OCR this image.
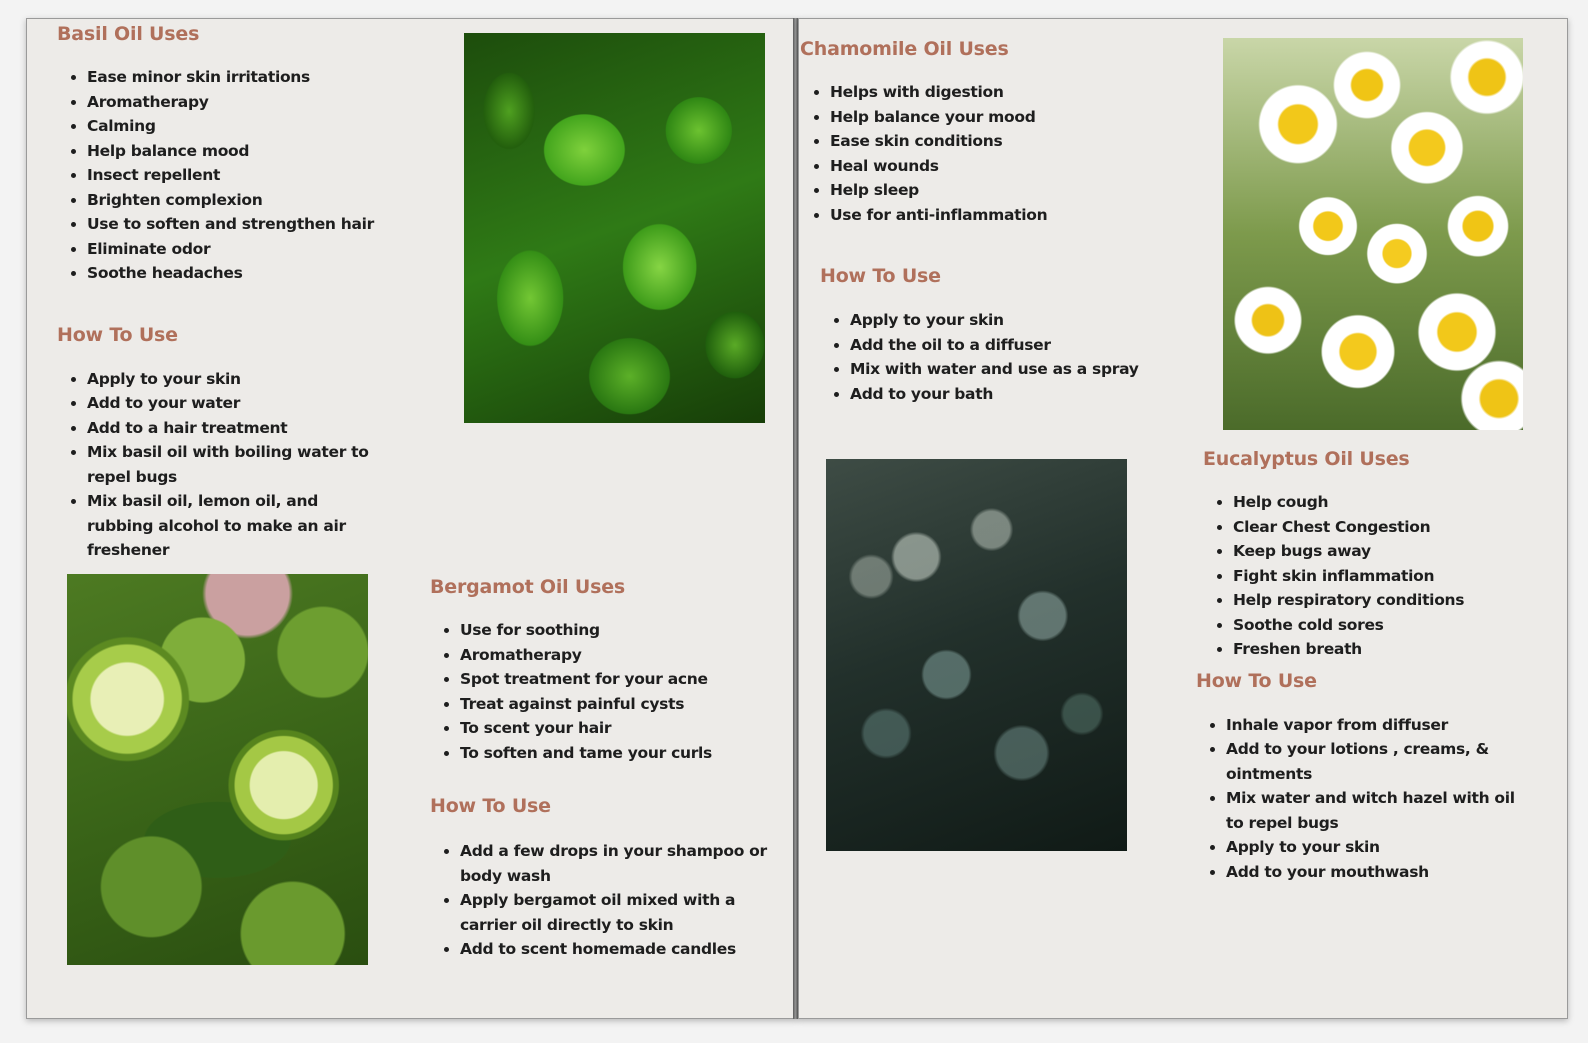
Basil Oil Uses
• Ease minor skin irritations
• Aromatherapy
• Calming
• Help balance mood
• Insect repellent
• Brighten complexion
• Use to soften and strengthen hair
• Eliminate odor
• Soothe headaches
How To Use
• Apply to your skin
• Add to your water
• Add to a hair treatment
• Mix basil oil with boiling water to repel bugs
• Mix basil oil, lemon oil, and rubbing alcohol to make an air freshener
Bergamot Oil Uses
• Use for soothing
• Aromatherapy
• Spot treatment for your acne
• Treat against painful cysts
• To scent your hair
• To soften and tame your curls
How To Use
• Add a few drops in your shampoo or body wash
• Apply bergamot oil mixed with a carrier oil directly to skin
• Add to scent homemade candles
Chamomile Oil Uses
• Helps with digestion
• Help balance your mood
• Ease skin conditions
• Heal wounds
• Help sleep
• Use for anti-inflammation
How To Use
• Apply to your skin
• Add the oil to a diffuser
• Mix with water and use as a spray
• Add to your bath
Eucalyptus Oil Uses
• Help cough
• Clear Chest Congestion
• Keep bugs away
• Fight skin inflammation
• Help respiratory conditions
• Soothe cold sores
• Freshen breath
How To Use
• Inhale vapor from diffuser
• Add to your lotions , creams, & ointments
• Mix water and witch hazel with oil to repel bugs
• Apply to your skin
• Add to your mouthwash
